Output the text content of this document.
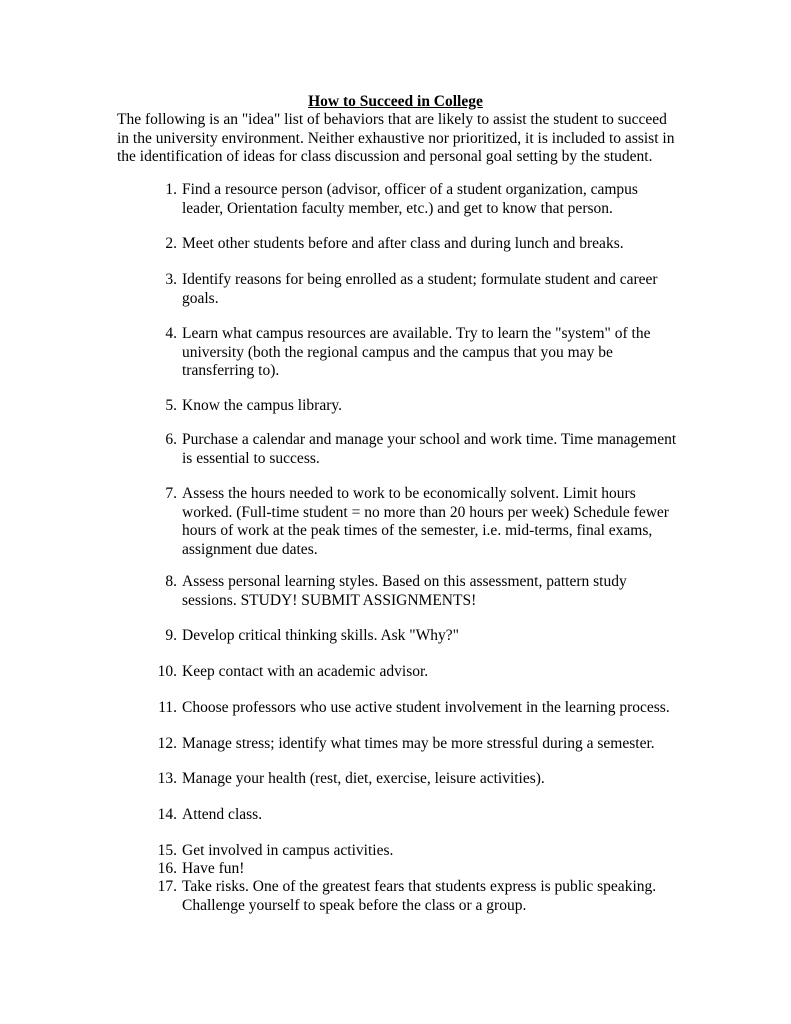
How to Succeed in College
The following is an "idea" list of behaviors that are likely to assist the student to succeed in the university environment. Neither exhaustive nor prioritized, it is included to assist in the identification of ideas for class discussion and personal goal setting by the student.
1. Find a resource person (advisor, officer of a student organization, campus leader, Orientation faculty member, etc.) and get to know that person.
2. Meet other students before and after class and during lunch and breaks.
3. Identify reasons for being enrolled as a student; formulate student and career goals.
4. Learn what campus resources are available. Try to learn the "system" of the university (both the regional campus and the campus that you may be transferring to).
5. Know the campus library.
6. Purchase a calendar and manage your school and work time. Time management is essential to success.
7. Assess the hours needed to work to be economically solvent. Limit hours worked. (Full-time student = no more than 20 hours per week) Schedule fewer hours of work at the peak times of the semester, i.e. mid-terms, final exams, assignment due dates.
8. Assess personal learning styles. Based on this assessment, pattern study sessions. STUDY! SUBMIT ASSIGNMENTS!
9. Develop critical thinking skills. Ask "Why?"
10. Keep contact with an academic advisor.
11. Choose professors who use active student involvement in the learning process.
12. Manage stress; identify what times may be more stressful during a semester.
13. Manage your health (rest, diet, exercise, leisure activities).
14. Attend class.
15. Get involved in campus activities.
16. Have fun!
17. Take risks. One of the greatest fears that students express is public speaking. Challenge yourself to speak before the class or a group.
